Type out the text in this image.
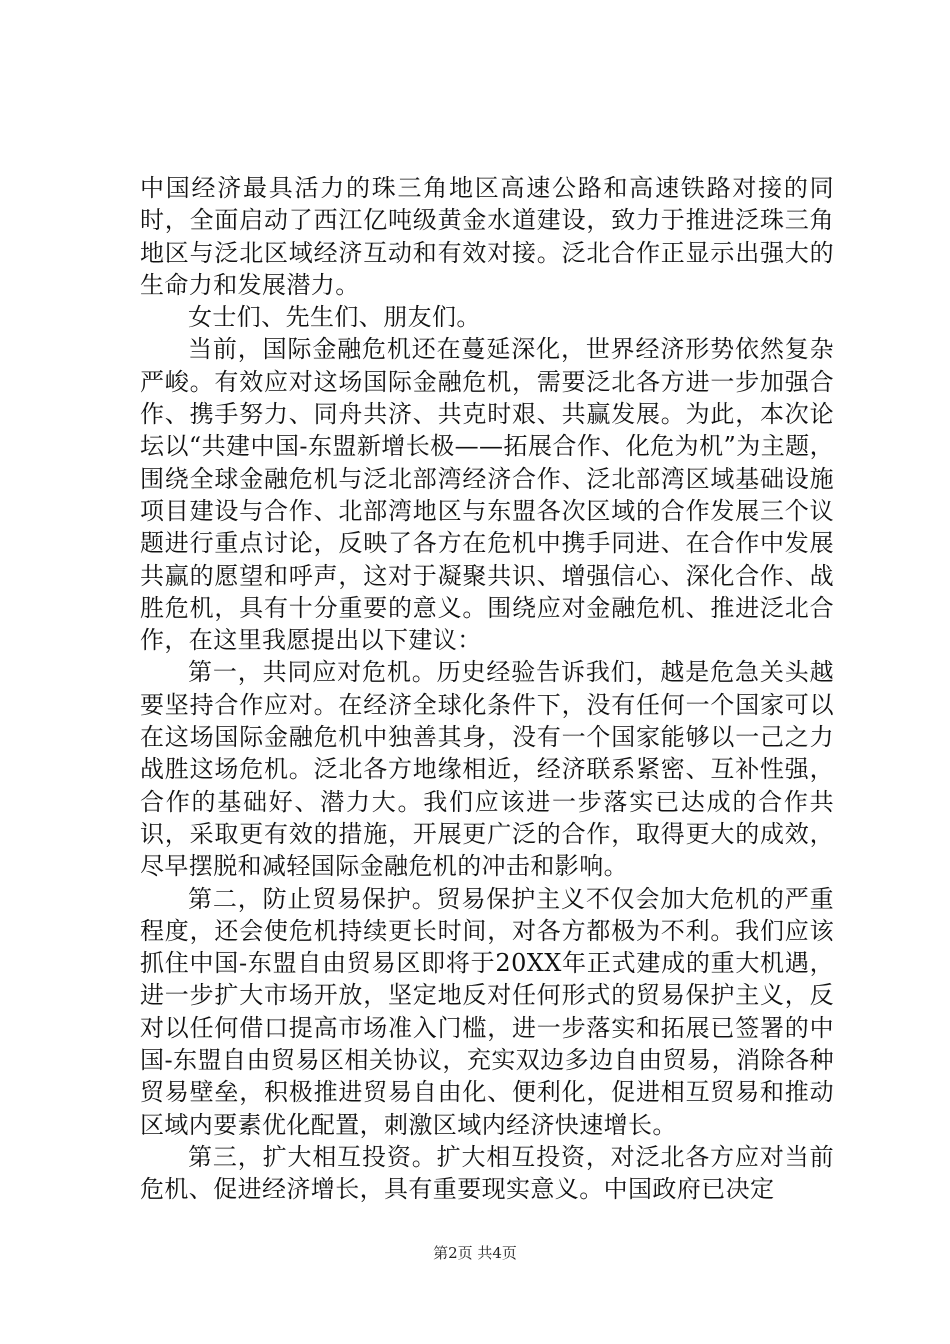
中国经济最具活力的珠三角地区高速公路和高速铁路对接的同时，全面启动了西江亿吨级黄金水道建设，致力于推进泛珠三角地区与泛北区域经济互动和有效对接。泛北合作正显示出强大的生命力和发展潜力。

女士们、先生们、朋友们。

当前，国际金融危机还在蔓延深化，世界经济形势依然复杂严峻。有效应对这场国际金融危机，需要泛北各方进一步加强合作、携手努力、同舟共济、共克时艰、共赢发展。为此，本次论坛以“共建中国-东盟新增长极——拓展合作、化危为机”为主题，围绕全球金融危机与泛北部湾经济合作、泛北部湾区域基础设施项目建设与合作、北部湾地区与东盟各次区域的合作发展三个议题进行重点讨论，反映了各方在危机中携手同进、在合作中发展共赢的愿望和呼声，这对于凝聚共识、增强信心、深化合作、战胜危机，具有十分重要的意义。围绕应对金融危机、推进泛北合作，在这里我愿提出以下建议：

第一，共同应对危机。历史经验告诉我们，越是危急关头越要坚持合作应对。在经济全球化条件下，没有任何一个国家可以在这场国际金融危机中独善其身，没有一个国家能够以一己之力战胜这场危机。泛北各方地缘相近，经济联系紧密、互补性强，合作的基础好、潜力大。我们应该进一步落实已达成的合作共识，采取更有效的措施，开展更广泛的合作，取得更大的成效，尽早摆脱和减轻国际金融危机的冲击和影响。

第二，防止贸易保护。贸易保护主义不仅会加大危机的严重程度，还会使危机持续更长时间，对各方都极为不利。我们应该抓住中国-东盟自由贸易区即将于20XX年正式建成的重大机遇，进一步扩大市场开放，坚定地反对任何形式的贸易保护主义，反对以任何借口提高市场准入门槛，进一步落实和拓展已签署的中国-东盟自由贸易区相关协议，充实双边多边自由贸易，消除各种贸易壁垒，积极推进贸易自由化、便利化，促进相互贸易和推动区域内要素优化配置，刺激区域内经济快速增长。

第三，扩大相互投资。扩大相互投资，对泛北各方应对当前危机、促进经济增长，具有重要现实意义。中国政府已决定

第2页 共4页
